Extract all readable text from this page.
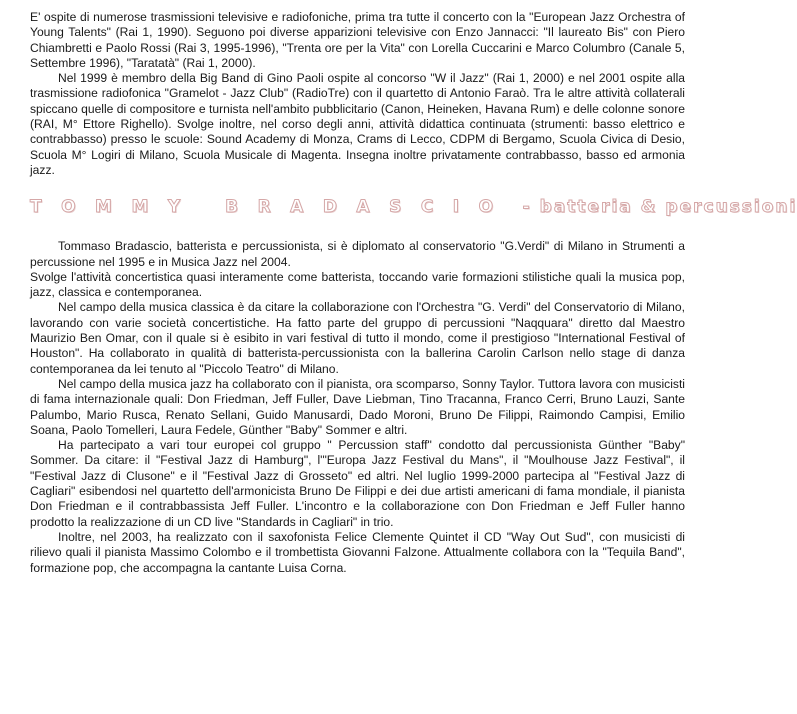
E' ospite di numerose trasmissioni televisive e radiofoniche, prima tra tutte il concerto con la "European Jazz Orchestra of Young Talents" (Rai 1, 1990). Seguono poi diverse apparizioni televisive con Enzo Jannacci: "Il laureato Bis" con Piero Chiambretti e Paolo Rossi (Rai 3, 1995-1996), "Trenta ore per la Vita" con Lorella Cuccarini e Marco Columbro (Canale 5, Settembre 1996), "Taratatà" (Rai 1, 2000).

Nel 1999 è membro della Big Band di Gino Paoli ospite al concorso "W il Jazz" (Rai 1, 2000) e nel 2001 ospite alla trasmissione radiofonica "Gramelot - Jazz Club" (RadioTre) con il quartetto di Antonio Faraò. Tra le altre attività collaterali spiccano quelle di compositore e turnista nell'ambito pubblicitario (Canon, Heineken, Havana Rum) e delle colonne sonore (RAI, M° Ettore Righello). Svolge inoltre, nel corso degli anni, attività didattica continuata (strumenti: basso elettrico e contrabbasso) presso le scuole: Sound Academy di Monza, Crams di Lecco, CDPM di Bergamo, Scuola Civica di Desio, Scuola M° Logiri di Milano, Scuola Musicale di Magenta. Insegna inoltre privatamente contrabbasso, basso ed armonia jazz.

TOMMY BRADASCIO - batteria & percussioni

Tommaso Bradascio, batterista e percussionista, si è diplomato al conservatorio "G.Verdi" di Milano in Strumenti a percussione nel 1995 e in Musica Jazz nel 2004.

Svolge l'attività concertistica quasi interamente come batterista, toccando varie formazioni stilistiche quali la musica pop, jazz, classica e contemporanea.

Nel campo della musica classica è da citare la collaborazione con l'Orchestra "G. Verdi" del Conservatorio di Milano, lavorando con varie società concertistiche. Ha fatto parte del gruppo di percussioni "Naqquara" diretto dal Maestro Maurizio Ben Omar, con il quale si è esibito in vari festival di tutto il mondo, come il prestigioso "International Festival of Houston". Ha collaborato in qualità di batterista-percussionista con la ballerina Carolin Carlson nello stage di danza contemporanea da lei tenuto al "Piccolo Teatro" di Milano.

Nel campo della musica jazz ha collaborato con il pianista, ora scomparso, Sonny Taylor. Tuttora lavora con musicisti di fama internazionale quali: Don Friedman, Jeff Fuller, Dave Liebman, Tino Tracanna, Franco Cerri, Bruno Lauzi, Sante Palumbo, Mario Rusca, Renato Sellani, Guido Manusardi, Dado Moroni, Bruno De Filippi, Raimondo Campisi, Emilio Soana, Paolo Tomelleri, Laura Fedele, Günther "Baby" Sommer e altri.

Ha partecipato a vari tour europei col gruppo " Percussion staff" condotto dal percussionista Günther "Baby" Sommer. Da citare: il "Festival Jazz di Hamburg", l'"Europa Jazz Festival du Mans", il "Moulhouse Jazz Festival", il "Festival Jazz di Clusone" e il "Festival Jazz di Grosseto" ed altri. Nel luglio 1999-2000 partecipa al "Festival Jazz di Cagliari" esibendosi nel quartetto dell'armonicista Bruno De Filippi e dei due artisti americani di fama mondiale, il pianista Don Friedman e il contrabbassista Jeff Fuller. L'incontro e la collaborazione con Don Friedman e Jeff Fuller hanno prodotto la realizzazione di un CD live "Standards in Cagliari" in trio.

Inoltre, nel 2003, ha realizzato con il saxofonista Felice Clemente Quintet il CD "Way Out Sud", con musicisti di rilievo quali il pianista Massimo Colombo e il trombettista Giovanni Falzone. Attualmente collabora con la "Tequila Band", formazione pop, che accompagna la cantante Luisa Corna.
